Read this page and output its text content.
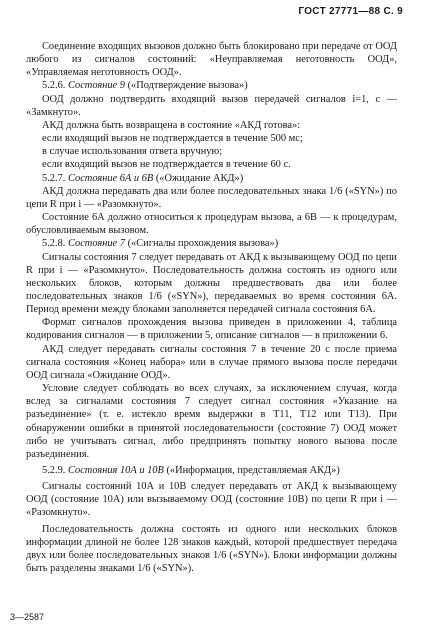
ГОСТ 27771—88 С. 9

Соединение входящих вызовов должно быть блокировано при передаче от ООД любого из сигналов состояний: «Неуправляемая неготовность ООД», «Управляемая неготовность ООД».

5.2.6. Состояние 9 («Подтверждение вызова»)

ООД должно подтвердить входящий вызов передачей сигналов i=1, c — «Замкнуто».

АКД должна быть возвращена в состояние «АКД готова»:

если входящий вызов не подтверждается в течение 500 мс;

в случае использования ответа вручную;

если входящий вызов не подтверждается в течение 60 с.

5.2.7. Состояние 6А и 6В («Ожидание АКД»)

АКД должна передавать два или более последовательных знака 1/6 («SYN») по цепи R при i — «Разомкнуто».

Состояние 6А должно относиться к процедурам вызова, а 6В — к процедурам, обусловливаемым вызовом.

5.2.8. Состояние 7 («Сигналы прохождения вызова»)

Сигналы состояния 7 следует передавать от АКД к вызывающему ООД по цепи R при i — «Разомкнуто». Последовательность должна состоять из одного или нескольких блоков, которым должны предшествовать два или более последовательных знаков 1/6 («SYN»), передаваемых во время состояния 6А. Период времени между блоками заполняется передачей сигнала состояния 6А.

Формат сигналов прохождения вызова приведен в приложении 4, таблица кодирования сигналов — в приложении 5, описание сигналов — в приложении 6.

АКД следует передавать сигналы состояния 7 в течение 20 с после приема сигнала состояния «Конец набора» или в случае прямого вызова после передачи ООД сигнала «Ожидание ООД».

Условие следует соблюдать во всех случаях, за исключением случая, когда вслед за сигналами состояния 7 следует сигнал состояния «Указание на разъединение» (т. е. истекло время выдержки в Т11, Т12 или Т13). При обнаружении ошибки в принятой последовательности (состояние 7) ООД может либо не учитывать сигнал, либо предпринять попытку нового вызова после разъединения.

5.2.9. Состояния 10А и 10В («Информация, представляемая АКД»)

Сигналы состояний 10А и 10В следует передавать от АКД к вызывающему ООД (состояние 10А) или вызываемому ООД (состояние 10В) по цепи R при i — «Разомкнуто».

Последовательность должна состоять из одного или нескольких блоков информации длиной не более 128 знаков каждый, которой предшествует передача двух или более последовательных знаков 1/6 («SYN»). Блоки информации должны быть разделены знаками 1/6 («SYN»).

3—2587
